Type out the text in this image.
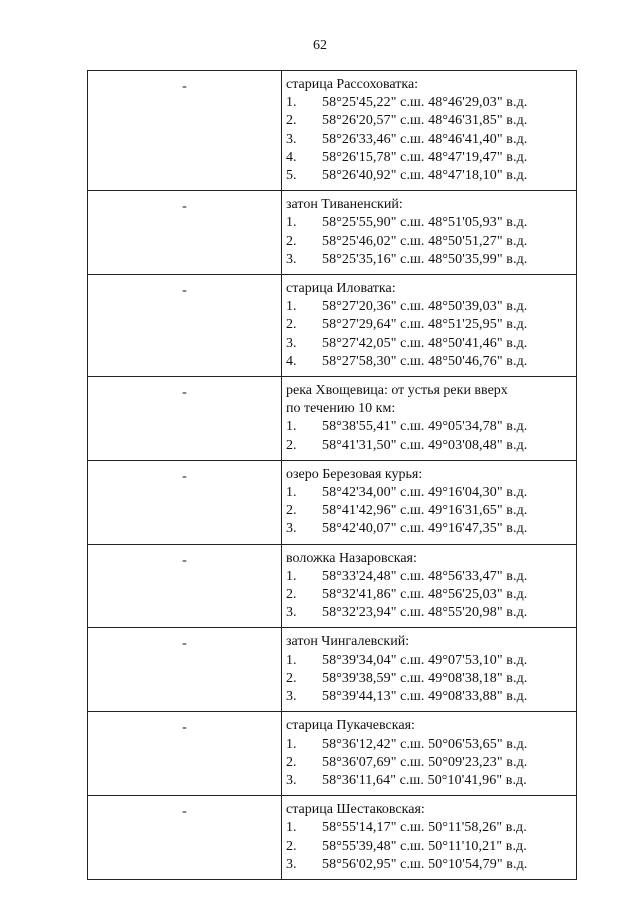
62
-	старица Рассоховатка:
1.	58°25'45,22" с.ш. 48°46'29,03" в.д.
2.	58°26'20,57" с.ш. 48°46'31,85" в.д.
3.	58°26'33,46" с.ш. 48°46'41,40" в.д.
4.	58°26'15,78" с.ш. 48°47'19,47" в.д.
5.	58°26'40,92" с.ш. 48°47'18,10" в.д.
-	затон Тиваненский:
1.	58°25'55,90" с.ш. 48°51'05,93" в.д.
2.	58°25'46,02" с.ш. 48°50'51,27" в.д.
3.	58°25'35,16" с.ш. 48°50'35,99" в.д.
-	старица Иловатка:
1.	58°27'20,36" с.ш. 48°50'39,03" в.д.
2.	58°27'29,64" с.ш. 48°51'25,95" в.д.
3.	58°27'42,05" с.ш. 48°50'41,46" в.д.
4.	58°27'58,30" с.ш. 48°50'46,76" в.д.
-	река Хвощевица: от устья реки вверх
по течению 10 км:
1.	58°38'55,41" с.ш. 49°05'34,78" в.д.
2.	58°41'31,50" с.ш. 49°03'08,48" в.д.
-	озеро Березовая курья:
1.	58°42'34,00" с.ш. 49°16'04,30" в.д.
2.	58°41'42,96" с.ш. 49°16'31,65" в.д.
3.	58°42'40,07" с.ш. 49°16'47,35" в.д.
-	воложка Назаровская:
1.	58°33'24,48" с.ш. 48°56'33,47" в.д.
2.	58°32'41,86" с.ш. 48°56'25,03" в.д.
3.	58°32'23,94" с.ш. 48°55'20,98" в.д.
-	затон Чингалевский:
1.	58°39'34,04" с.ш. 49°07'53,10" в.д.
2.	58°39'38,59" с.ш. 49°08'38,18" в.д.
3.	58°39'44,13" с.ш. 49°08'33,88" в.д.
-	старица Пукачевская:
1.	58°36'12,42" с.ш. 50°06'53,65" в.д.
2.	58°36'07,69" с.ш. 50°09'23,23" в.д.
3.	58°36'11,64" с.ш. 50°10'41,96" в.д.
-	старица Шестаковская:
1.	58°55'14,17" с.ш. 50°11'58,26" в.д.
2.	58°55'39,48" с.ш. 50°11'10,21" в.д.
3.	58°56'02,95" с.ш. 50°10'54,79" в.д.
